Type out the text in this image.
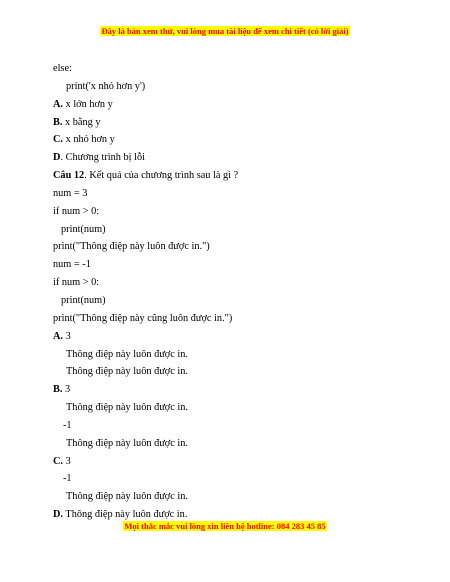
Đây là bản xem thử, vui lòng mua tài liệu để xem chi tiết (có lời giải)
else:
print('x nhỏ hơn y')
A. x lớn hơn y
B. x bằng y
C. x nhỏ hơn y
D. Chương trình bị lỗi
Câu 12. Kết quả của chương trình sau là gì ?
num = 3
if num > 0:
print(num)
print("Thông điệp này luôn được in.")
num = -1
if num > 0:
print(num)
print("Thông điệp này cũng luôn được in.")
A. 3
Thông điệp này luôn được in.
Thông điệp này luôn được in.
B. 3
Thông điệp này luôn được in.
-1
Thông điệp này luôn được in.
C. 3
-1
Thông điệp này luôn được in.
D. Thông điệp này luôn được in.
Mọi thắc mắc vui lòng xin liên hệ hotline: 084 283 45 85
